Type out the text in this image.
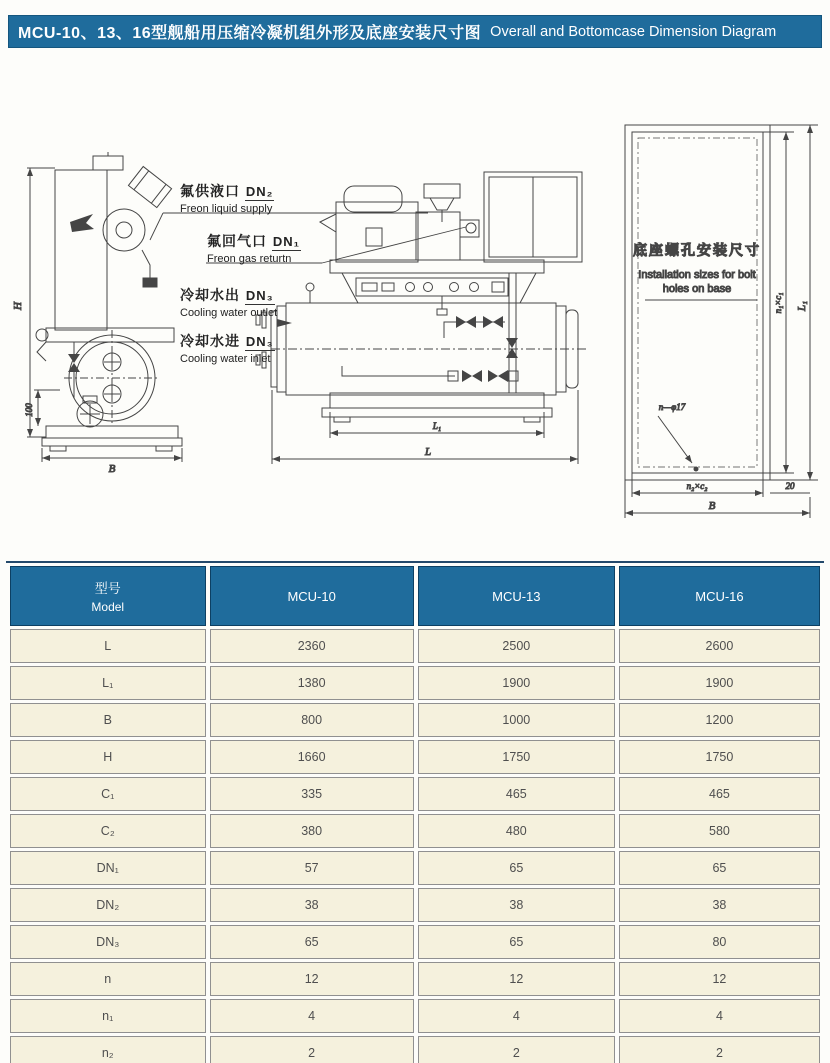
MCU-10、13、16型舰船用压缩冷凝机组外形及底座安装尺寸图 Overall and Bottomcase Dimension Diagram
H
100
B
L₁
L
底座螺孔安装尺寸
Installation sizes for bolt
holes on base
n—φ17
n₁×c₁ L₁
n₂×c₂	20
B
氟供液口 DN₂
Freon liquid supply
氟回气口 DN₁
Freon gas returtn
冷却水出 DN₃
Cooling water outlet
冷却水进 DN₃
Cooling water inlet
型号
Model	MCU-10	MCU-13	MCU-16
L	2360	2500	2600
L₁	1380	1900	1900
B	800	1000	1200
H	1660	1750	1750
C₁	335	465	465
C₂	380	480	580
DN₁	57	65	65
DN₂	38	38	38
DN₃	65	65	80
n	12	12	12
n₁	4	4	4
n₂	2	2	2
